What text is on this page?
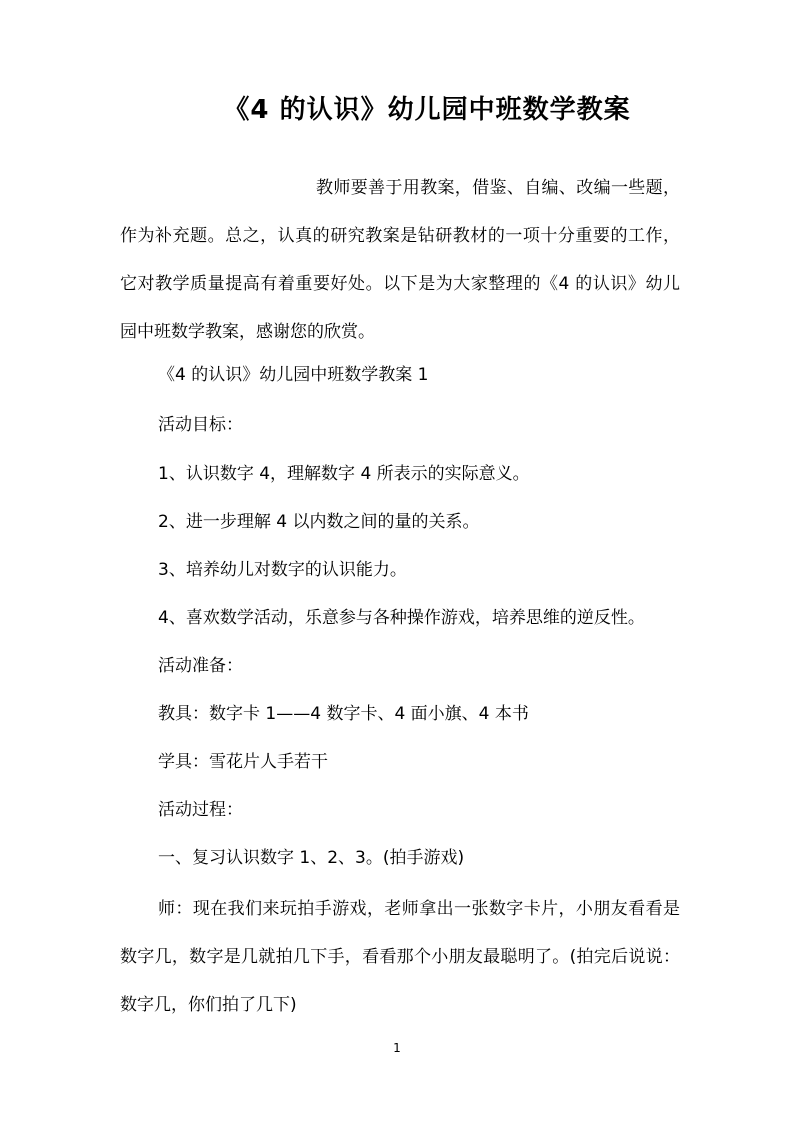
《4 的认识》幼儿园中班数学教案
教师要善于用教案，借鉴、自编、改编一些题，作为补充题。总之，认真的研究教案是钻研教材的一项十分重要的工作，它对教学质量提高有着重要好处。以下是为大家整理的《4 的认识》幼儿园中班数学教案，感谢您的欣赏。
《4 的认识》幼儿园中班数学教案 1
活动目标：
1、认识数字 4，理解数字 4 所表示的实际意义。
2、进一步理解 4 以内数之间的量的关系。
3、培养幼儿对数字的认识能力。
4、喜欢数学活动，乐意参与各种操作游戏，培养思维的逆反性。
活动准备：
教具：数字卡 1——4 数字卡、4 面小旗、4 本书
学具：雪花片人手若干
活动过程：
一、复习认识数字 1、2、3。(拍手游戏)
师：现在我们来玩拍手游戏，老师拿出一张数字卡片，小朋友看看是数字几，数字是几就拍几下手，看看那个小朋友最聪明了。(拍完后说说：数字几，你们拍了几下)
1
